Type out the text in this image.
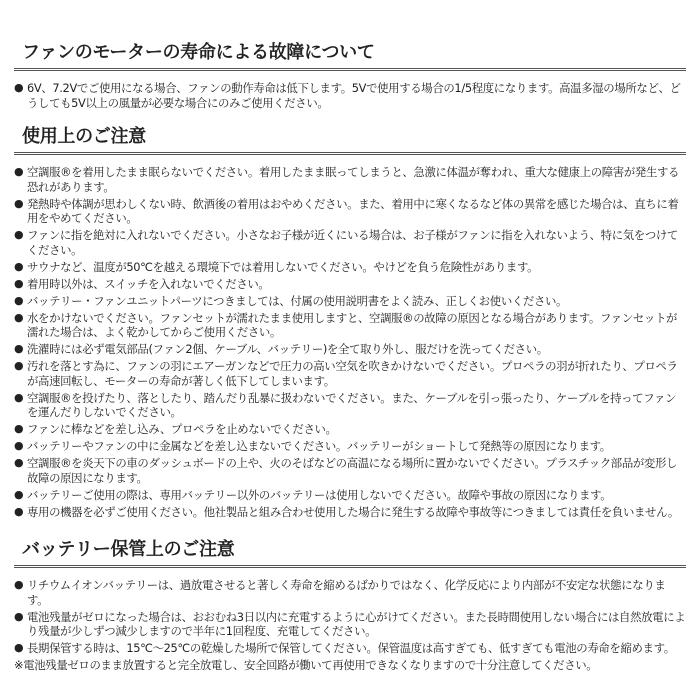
ファンのモーターの寿命による故障について
● 6V、7.2Vでご使用になる場合、ファンの動作寿命は低下します。5Vで使用する場合の1/5程度になります。高温多湿の場所など、どうしても5V以上の風量が必要な場合にのみご使用ください。
使用上のご注意
● 空調服®を着用したまま眠らないでください。着用したまま眠ってしまうと、急激に体温が奪われ、重大な健康上の障害が発生する恐れがあります。
● 発熱時や体調が思わしくない時、飲酒後の着用はおやめください。また、着用中に寒くなるなど体の異常を感じた場合は、直ちに着用をやめてください。
● ファンに指を絶対に入れないでください。小さなお子様が近くにいる場合は、お子様がファンに指を入れないよう、特に気をつけてください。
● サウナなど、温度が50℃を越える環境下では着用しないでください。やけどを負う危険性があります。
● 着用時以外は、スイッチを入れないでください。
● バッテリー・ファンユニットパーツにつきましては、付属の使用説明書をよく読み、正しくお使いください。
● 水をかけないでください。ファンセットが濡れたまま使用しますと、空調服®の故障の原因となる場合があります。ファンセットが濡れた場合は、よく乾かしてからご使用ください。
● 洗濯時には必ず電気部品(ファン2個、ケーブル、バッテリー)を全て取り外し、服だけを洗ってください。
● 汚れを落とす為に、ファンの羽にエアーガンなどで圧力の高い空気を吹きかけないでください。プロペラの羽が折れたり、プロペラが高速回転し、モーターの寿命が著しく低下してしまいます。
● 空調服®を投げたり、落としたり、踏んだり乱暴に扱わないでください。また、ケーブルを引っ張ったり、ケーブルを持ってファンを運んだりしないでください。
● ファンに棒などを差し込み、プロペラを止めないでください。
● バッテリーやファンの中に金属などを差し込まないでください。バッテリーがショートして発熱等の原因になります。
● 空調服®を炎天下の車のダッシュボードの上や、火のそばなどの高温になる場所に置かないでください。プラスチック部品が変形し故障の原因になります。
● バッテリーご使用の際は、専用バッテリー以外のバッテリーは使用しないでください。故障や事故の原因になります。
● 専用の機器を必ずご使用ください。他社製品と組み合わせ使用した場合に発生する故障や事故等につきましては責任を負いません。
バッテリー保管上のご注意
● リチウムイオンバッテリーは、過放電させると著しく寿命を縮めるばかりではなく、化学反応により内部が不安定な状態になります。
● 電池残量がゼロになった場合は、おおむね3日以内に充電するように心がけてください。また長時間使用しない場合には自然放電により残量が少しずつ減少しますので半年に1回程度、充電してください。
● 長期保管する時は、15℃〜25℃の乾燥した場所で保管してください。保管温度は高すぎても、低すぎても電池の寿命を縮めます。
※電池残量ゼロのまま放置すると完全放電し、安全回路が働いて再使用できなくなりますので十分注意してください。
